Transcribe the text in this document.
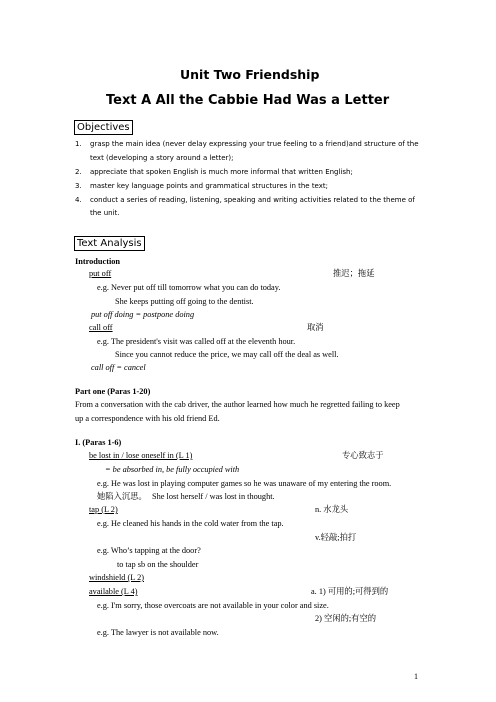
Unit Two Friendship
Text A All the Cabbie Had Was a Letter
Objectives
1. grasp the main idea (never delay expressing your true feeling to a friend)and structure of the
text (developing a story around a letter);
2. appreciate that spoken English is much more informal that written English;
3. master key language points and grammatical structures in the text;
4. conduct a series of reading, listening, speaking and writing activities related to the theme of
the unit.
Text Analysis
Introduction
put off	推迟；拖延
e.g. Never put off till tomorrow what you can do today.
She keeps putting off going to the dentist.
put off doing = postpone doing
call off	取消
e.g. The president's visit was called off at the eleventh hour.
Since you cannot reduce the price, we may call off the deal as well.
call off = cancel
Part one (Paras 1-20)
From a conversation with the cab driver, the author learned how much he regretted failing to keep
up a correspondence with his old friend Ed.
I. (Paras 1-6)
be lost in / lose oneself in (L 1)	专心致志于
= be absorbed in, be fully occupied with
e.g. He was lost in playing computer games so he was unaware of my entering the room.
她陷入沉思。 She lost herself / was lost in thought.
tap (L 2)	n. 水龙头
e.g. He cleaned his hands in the cold water from the tap.
v.轻敲;拍打
e.g. Who’s tapping at the door?
to tap sb on the shoulder
windshield (L 2)
available (L 4)	a. 1) 可用的;可得到的
e.g. I'm sorry, those overcoats are not available in your color and size.
2) 空闲的;有空的
e.g. The lawyer is not available now.
1
